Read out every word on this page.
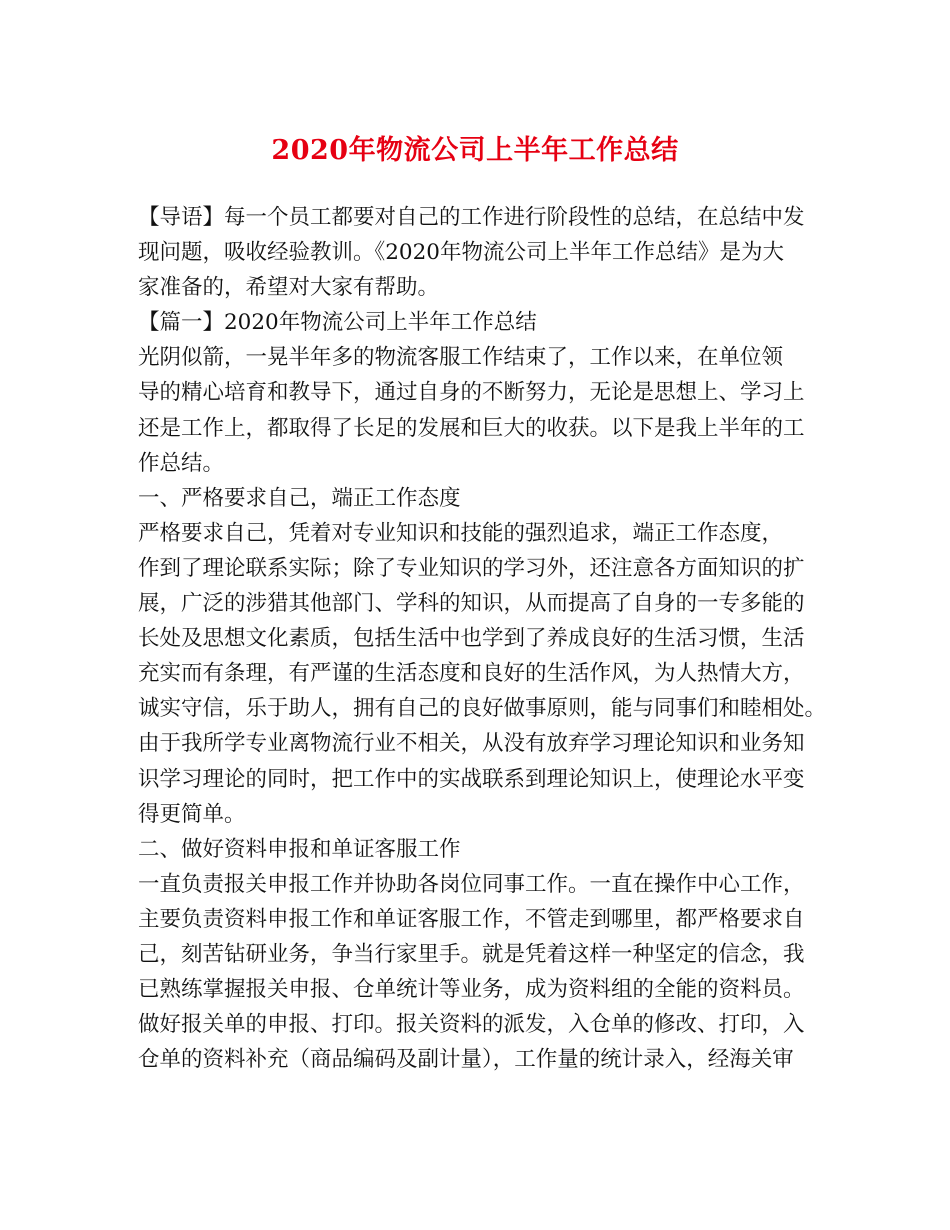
2020年物流公司上半年工作总结
【导语】每一个员工都要对自己的工作进行阶段性的总结，在总结中发
现问题，吸收经验教训。《2020年物流公司上半年工作总结》是为大
家准备的，希望对大家有帮助。
【篇一】2020年物流公司上半年工作总结
光阴似箭，一晃半年多的物流客服工作结束了，工作以来，在单位领
导的精心培育和教导下，通过自身的不断努力，无论是思想上、学习上
还是工作上，都取得了长足的发展和巨大的收获。以下是我上半年的工
作总结。
一、严格要求自己，端正工作态度
严格要求自己，凭着对专业知识和技能的强烈追求，端正工作态度，
作到了理论联系实际；除了专业知识的学习外，还注意各方面知识的扩
展，广泛的涉猎其他部门、学科的知识，从而提高了自身的一专多能的
长处及思想文化素质，包括生活中也学到了养成良好的生活习惯，生活
充实而有条理，有严谨的生活态度和良好的生活作风，为人热情大方，
诚实守信，乐于助人，拥有自己的良好做事原则，能与同事们和睦相处。
由于我所学专业离物流行业不相关，从没有放弃学习理论知识和业务知
识学习理论的同时，把工作中的实战联系到理论知识上，使理论水平变
得更简单。
二、做好资料申报和单证客服工作
一直负责报关申报工作并协助各岗位同事工作。一直在操作中心工作，
主要负责资料申报工作和单证客服工作，不管走到哪里，都严格要求自
己，刻苦钻研业务，争当行家里手。就是凭着这样一种坚定的信念，我
已熟练掌握报关申报、仓单统计等业务，成为资料组的全能的资料员。
做好报关单的申报、打印。报关资料的派发，入仓单的修改、打印，入
仓单的资料补充（商品编码及副计量），工作量的统计录入，经海关审
